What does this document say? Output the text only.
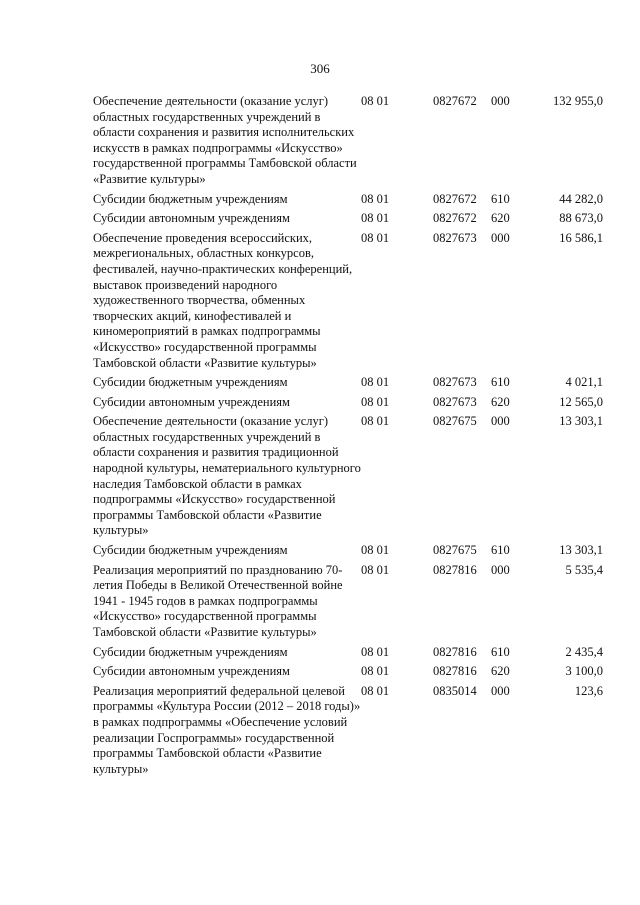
306
Обеспечение деятельности (оказание услуг) областных государственных учреждений в области сохранения и развития исполнительских искусств в рамках подпрограммы «Искусство» государственной программы Тамбовской области «Развитие культуры»	08 01	0827672	000	132 955,0
Субсидии бюджетным учреждениям	08 01	0827672	610	44 282,0
Субсидии автономным учреждениям	08 01	0827672	620	88 673,0
Обеспечение проведения всероссийских, межрегиональных, областных конкурсов, фестивалей, научно-практических конференций, выставок произведений народного художественного творчества, обменных творческих акций, кинофестивалей и киномероприятий в рамках подпрограммы «Искусство» государственной программы Тамбовской области «Развитие культуры»	08 01	0827673	000	16 586,1
Субсидии бюджетным учреждениям	08 01	0827673	610	4 021,1
Субсидии автономным учреждениям	08 01	0827673	620	12 565,0
Обеспечение деятельности (оказание услуг) областных государственных учреждений в области сохранения и развития традиционной народной культуры, нематериального культурного наследия Тамбовской области в рамках подпрограммы «Искусство» государственной программы Тамбовской области «Развитие культуры»	08 01	0827675	000	13 303,1
Субсидии бюджетным учреждениям	08 01	0827675	610	13 303,1
Реализация мероприятий по празднованию 70-летия Победы в Великой Отечественной войне 1941 - 1945 годов в рамках подпрограммы «Искусство» государственной программы Тамбовской области «Развитие культуры»	08 01	0827816	000	5 535,4
Субсидии бюджетным учреждениям	08 01	0827816	610	2 435,4
Субсидии автономным учреждениям	08 01	0827816	620	3 100,0
Реализация мероприятий федеральной целевой программы «Культура России (2012 – 2018 годы)» в рамках подпрограммы «Обеспечение условий реализации Госпрограммы» государственной программы Тамбовской области «Развитие культуры»	08 01	0835014	000	123,6
